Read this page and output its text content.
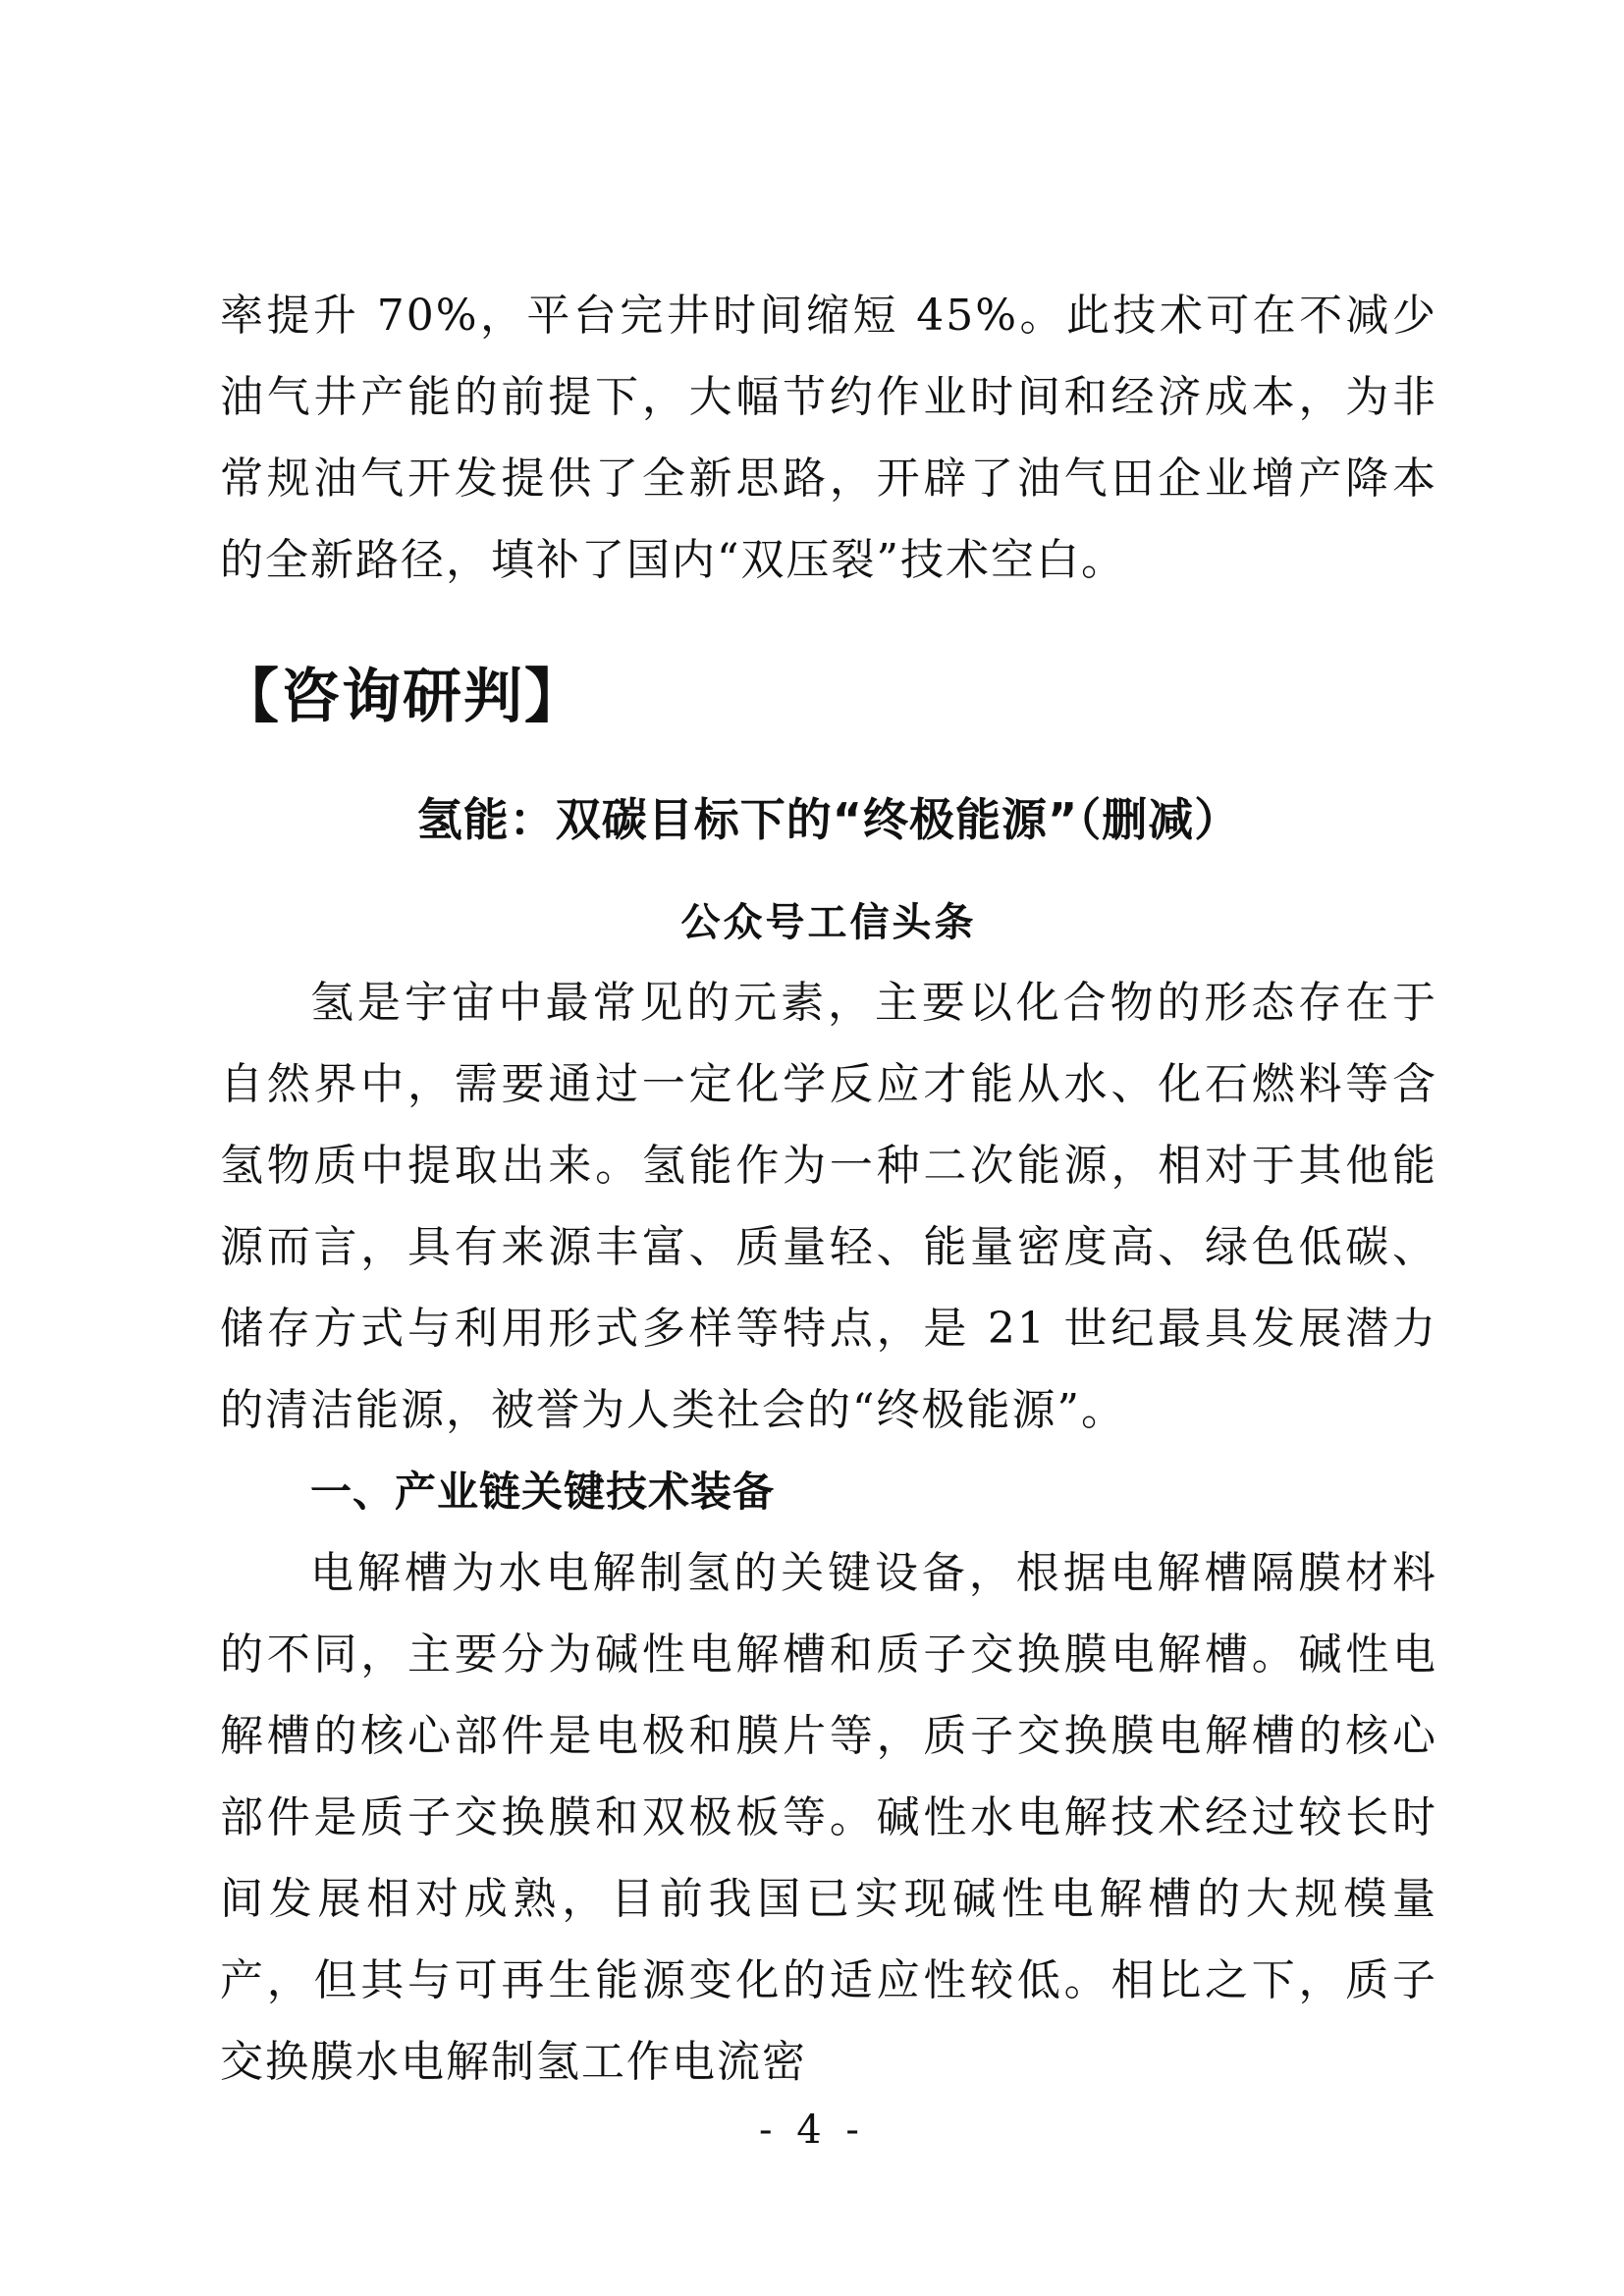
率提升 70%，平台完井时间缩短 45%。此技术可在不减少油气井产能的前提下，大幅节约作业时间和经济成本，为非常规油气开发提供了全新思路，开辟了油气田企业增产降本的全新路径，填补了国内“双压裂”技术空白。

【咨询研判】
氢能：双碳目标下的“终极能源”（删减）
公众号工信头条

氢是宇宙中最常见的元素，主要以化合物的形态存在于自然界中，需要通过一定化学反应才能从水、化石燃料等含氢物质中提取出来。氢能作为一种二次能源，相对于其他能源而言，具有来源丰富、质量轻、能量密度高、绿色低碳、储存方式与利用形式多样等特点，是 21 世纪最具发展潜力的清洁能源，被誉为人类社会的“终极能源”。

一、产业链关键技术装备

电解槽为水电解制氢的关键设备，根据电解槽隔膜材料的不同，主要分为碱性电解槽和质子交换膜电解槽。碱性电解槽的核心部件是电极和膜片等，质子交换膜电解槽的核心部件是质子交换膜和双极板等。碱性水电解技术经过较长时间发展相对成熟，目前我国已实现碱性电解槽的大规模量产，但其与可再生能源变化的适应性较低。相比之下，质子交换膜水电解制氢工作电流密

- 4 -
